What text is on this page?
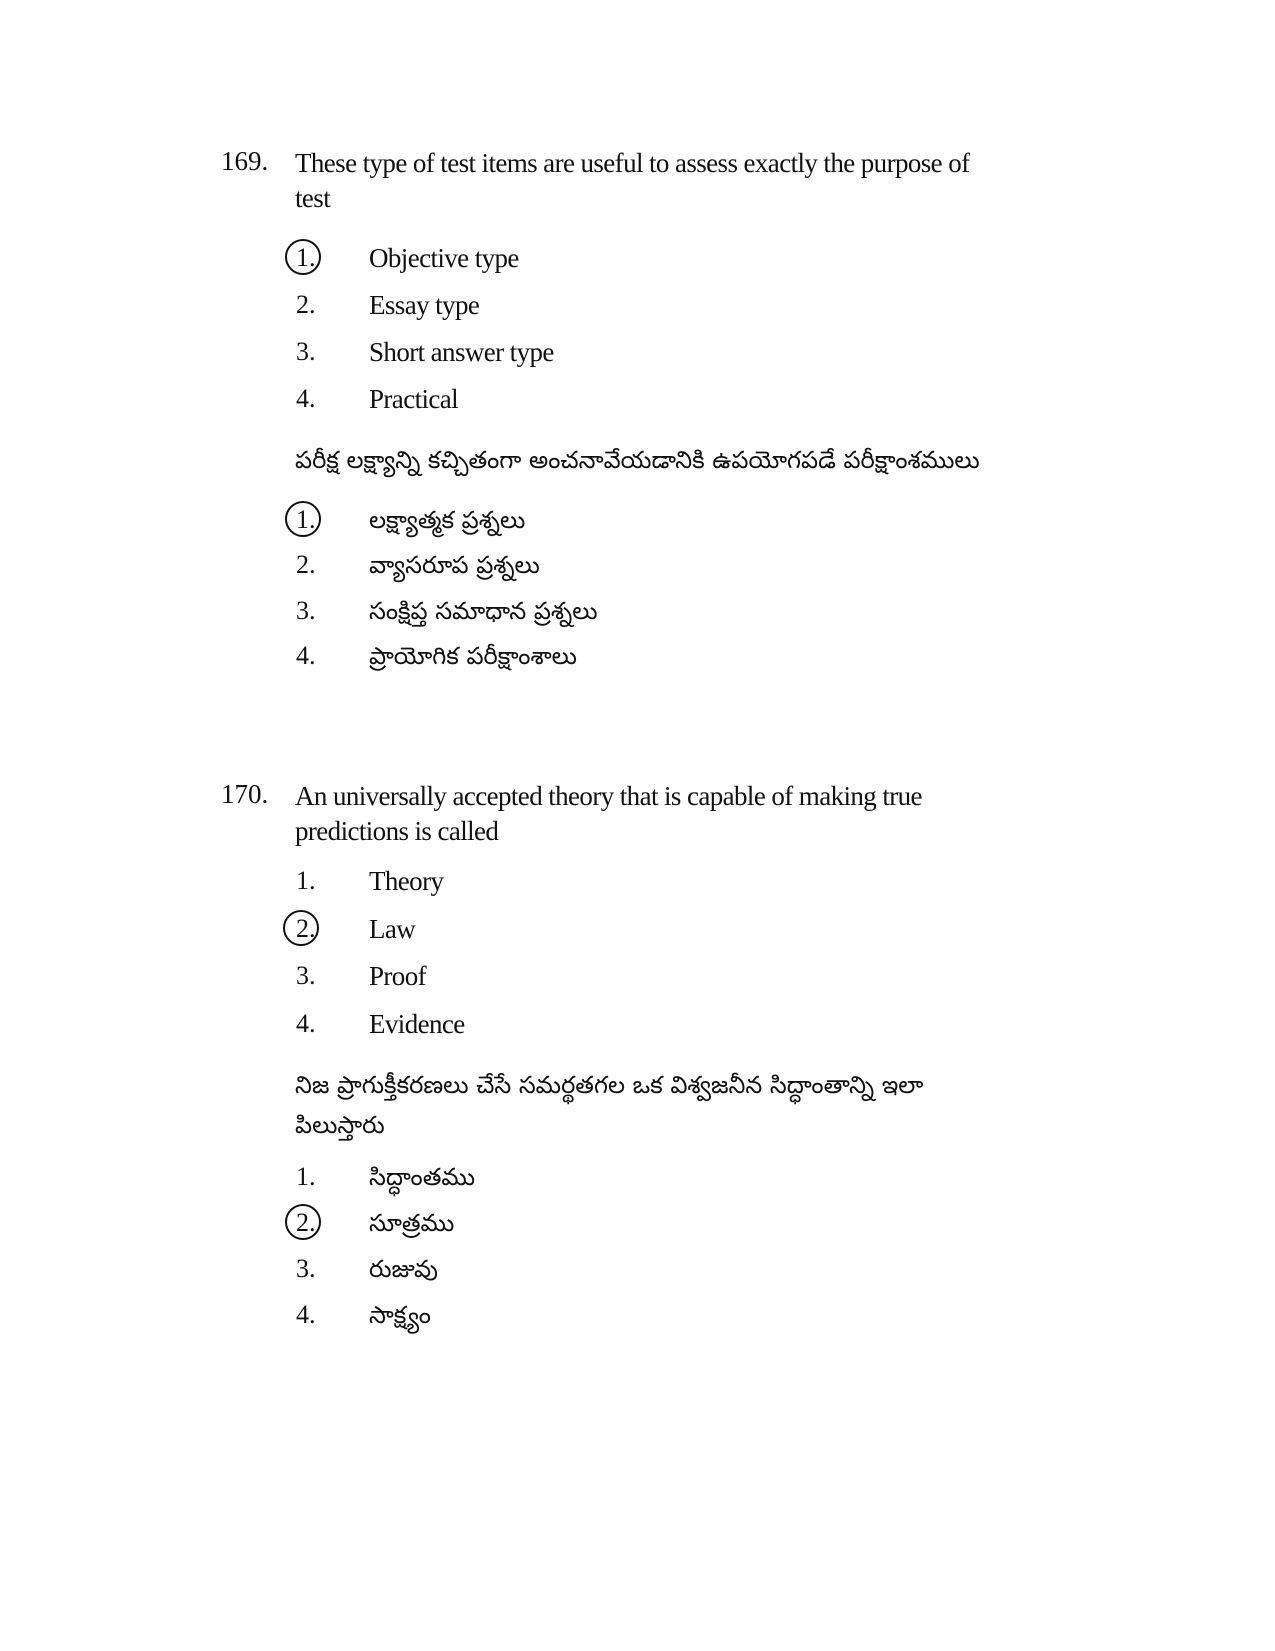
169. These type of test items are useful to assess exactly the purpose of
test
1. Objective type
2. Essay type
3. Short answer type
4. Practical
పరీక్ష లక్ష్యాన్ని కచ్చితంగా అంచనావేయడానికి ఉపయోగపడే పరీక్షాంశములు
1. లక్ష్యాత్మక ప్రశ్నలు
2. వ్యాసరూప ప్రశ్నలు
3. సంక్షిప్త సమాధాన ప్రశ్నలు
4. ప్రాయోగిక పరీక్షాంశాలు
170. An universally accepted theory that is capable of making true
predictions is called
1. Theory
2. Law
3. Proof
4. Evidence
నిజ ప్రాగుక్తీకరణలు చేసే సమర్థతగల ఒక విశ్వజనీన సిద్ధాంతాన్ని ఇలా
పిలుస్తారు
1. సిద్ధాంతము
2. సూత్రము
3. రుజువు
4. సాక్ష్యం
